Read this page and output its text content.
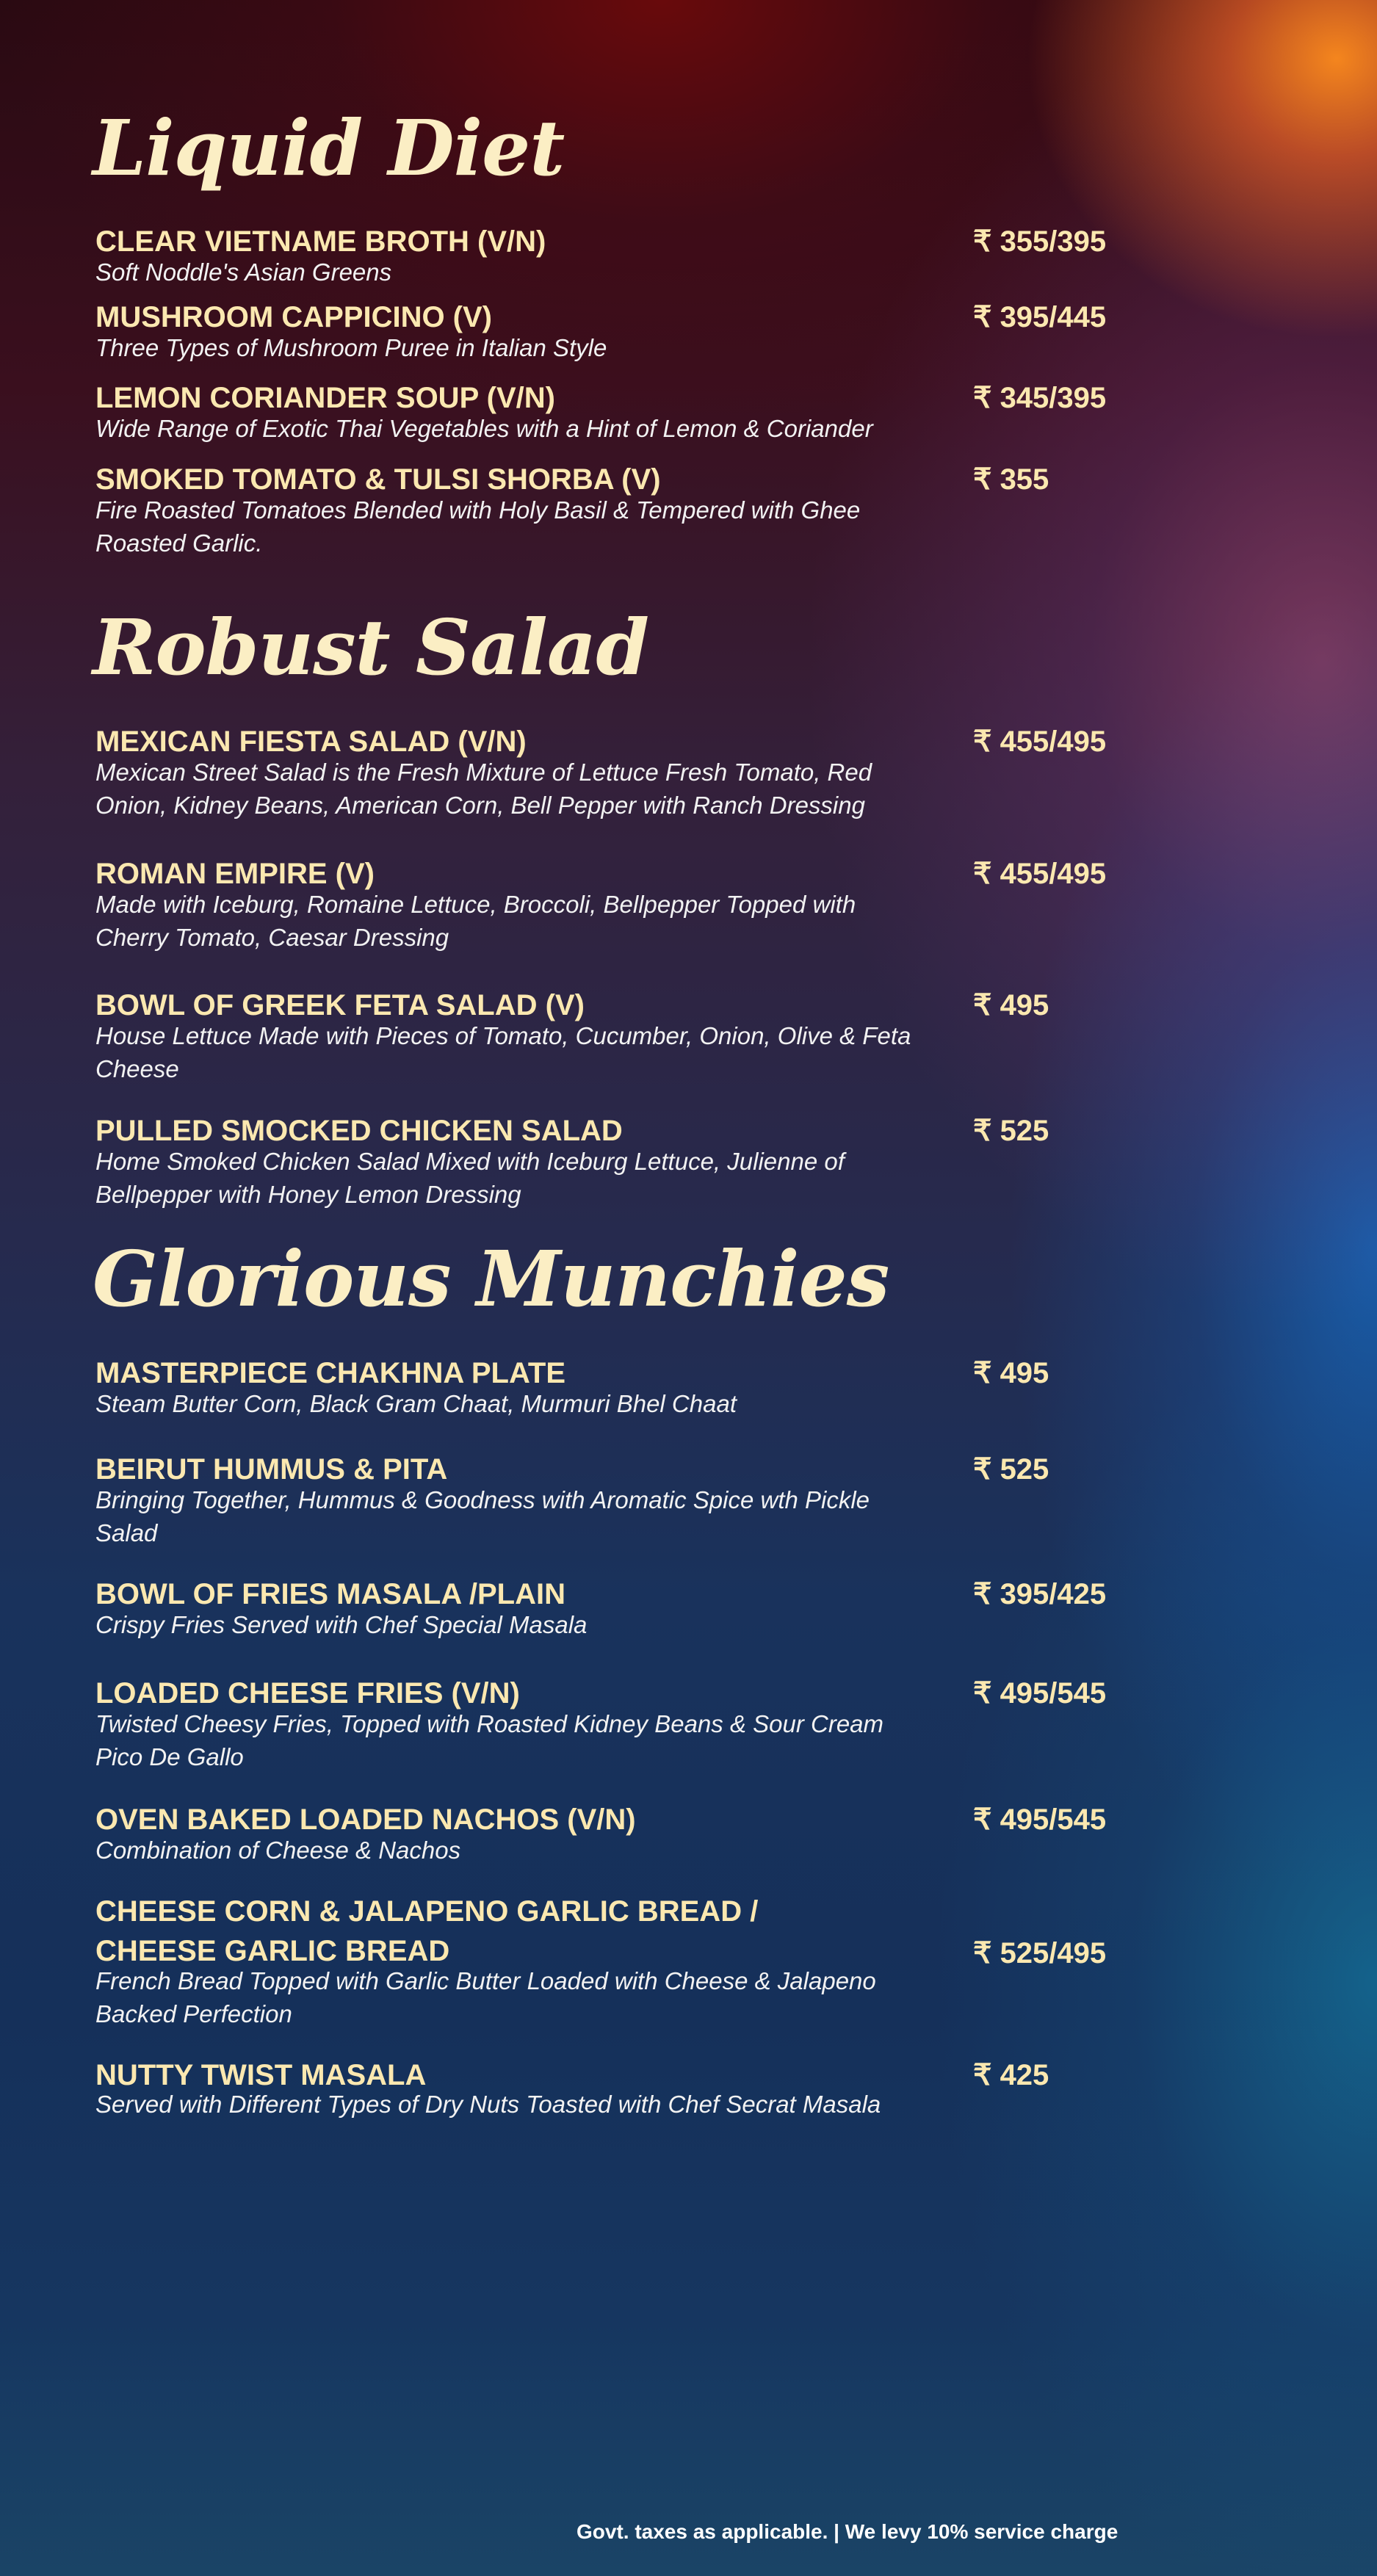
Liquid Diet
CLEAR VIETNAME BROTH (V/N)	₹ 355/395
Soft Noddle's Asian Greens
MUSHROOM CAPPICINO (V)	₹ 395/445
Three Types of Mushroom Puree in Italian Style
LEMON CORIANDER SOUP (V/N)	₹ 345/395
Wide Range of Exotic Thai Vegetables with a Hint of Lemon & Coriander
SMOKED TOMATO & TULSI SHORBA (V)	₹ 355
Fire Roasted Tomatoes Blended with Holy Basil & Tempered with Ghee Roasted Garlic.
Robust Salad
MEXICAN FIESTA SALAD (V/N)	₹ 455/495
Mexican Street Salad is the Fresh Mixture of Lettuce Fresh Tomato, Red Onion, Kidney Beans, American Corn, Bell Pepper with Ranch Dressing
ROMAN EMPIRE (V)	₹ 455/495
Made with Iceburg, Romaine Lettuce, Broccoli, Bellpepper Topped with Cherry Tomato, Caesar Dressing
BOWL OF GREEK FETA SALAD (V)	₹ 495
House Lettuce Made with Pieces of Tomato, Cucumber, Onion, Olive & Feta Cheese
PULLED SMOCKED CHICKEN SALAD	₹ 525
Home Smoked Chicken Salad Mixed with Iceburg Lettuce, Julienne of Bellpepper with Honey Lemon Dressing
Glorious Munchies
MASTERPIECE CHAKHNA PLATE	₹ 495
Steam Butter Corn, Black Gram Chaat, Murmuri Bhel Chaat
BEIRUT HUMMUS & PITA	₹ 525
Bringing Together, Hummus & Goodness with Aromatic Spice wth Pickle Salad
BOWL OF FRIES MASALA /PLAIN	₹ 395/425
Crispy Fries Served with Chef Special Masala
LOADED CHEESE FRIES (V/N)	₹ 495/545
Twisted Cheesy Fries, Topped with Roasted Kidney Beans & Sour Cream Pico De Gallo
OVEN BAKED LOADED NACHOS (V/N)	₹ 495/545
Combination of Cheese & Nachos
CHEESE CORN & JALAPENO GARLIC BREAD / CHEESE GARLIC BREAD	₹ 525/495
French Bread Topped with Garlic Butter Loaded with Cheese & Jalapeno Backed Perfection
NUTTY TWIST MASALA	₹ 425
Served with Different Types of Dry Nuts Toasted with Chef Secrat Masala

Govt. taxes as applicable. | We levy 10% service charge
